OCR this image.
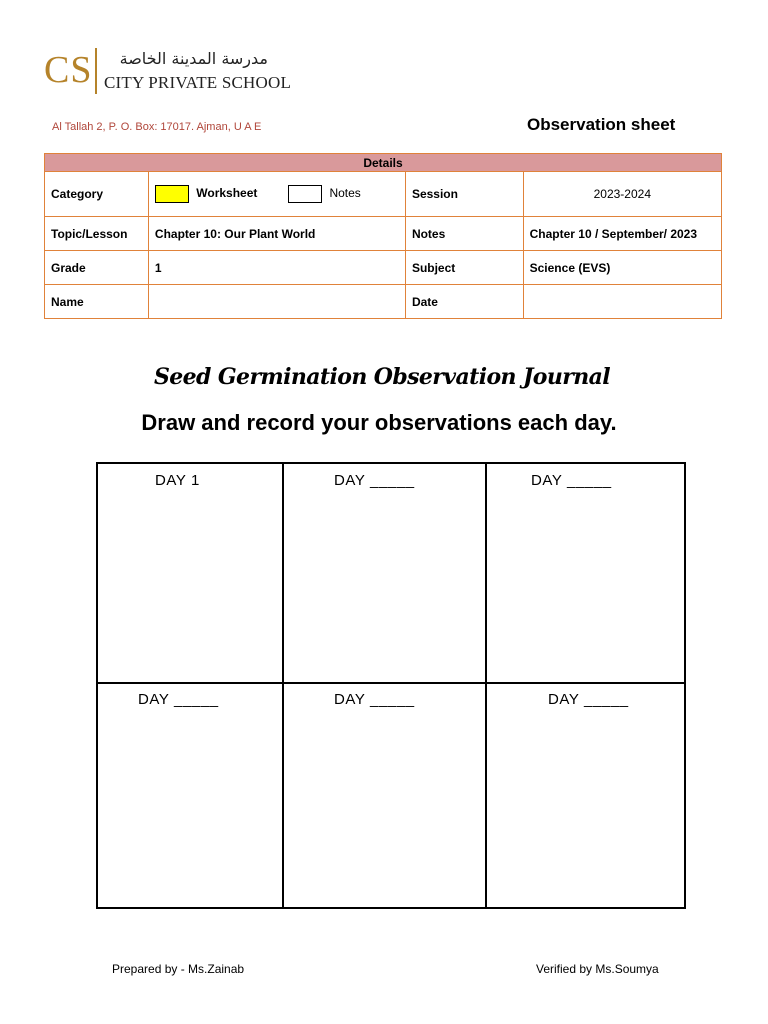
CS	مدرسة المدينة الخاصة
CITY PRIVATE SCHOOL
Al Tallah 2, P. O. Box: 17017. Ajman, U A E	Observation sheet
Details			
Category	Worksheet Notes	Session	2023-2024
Topic/Lesson	Chapter 10: Our Plant World	Notes	Chapter 10 / September/ 2023
Grade	1	Subject	Science (EVS)
Name		Date	
Seed Germination Observation Journal
Draw and record your observations each day.
DAY 1	DAY _____	DAY _____
DAY _____	DAY _____	DAY _____
Prepared by - Ms.Zainab	Verified by Ms.Soumya
